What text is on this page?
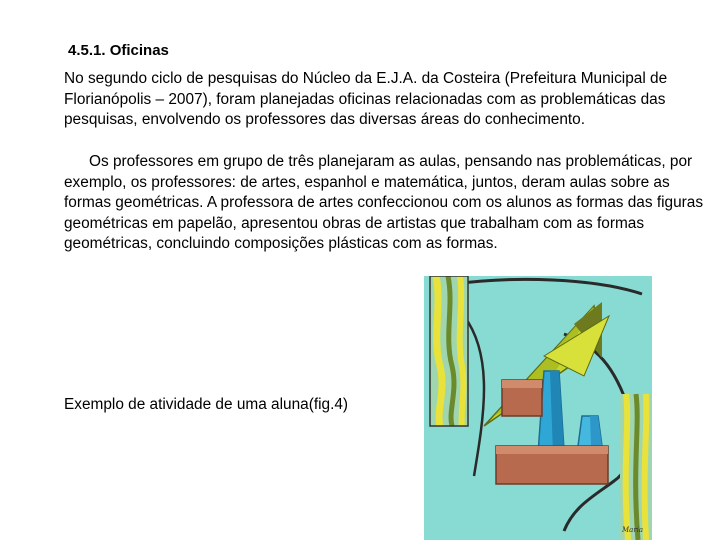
4.5.1. Oficinas

No segundo ciclo de pesquisas do Núcleo da E.J.A. da Costeira (Prefeitura Municipal de Florianópolis – 2007), foram planejadas oficinas relacionadas com as problemáticas das pesquisas, envolvendo os professores das diversas áreas do conhecimento.

Os professores em grupo de três planejaram as aulas, pensando nas problemáticas, por exemplo, os professores: de artes, espanhol e matemática, juntos, deram aulas sobre as formas geométricas. A professora de artes confeccionou com os alunos as formas das figuras geométricas em papelão, apresentou obras de artistas que trabalham com as formas geométricas, concluindo composições plásticas com as formas.

Exemplo de atividade de uma aluna(fig.4)
Maria
